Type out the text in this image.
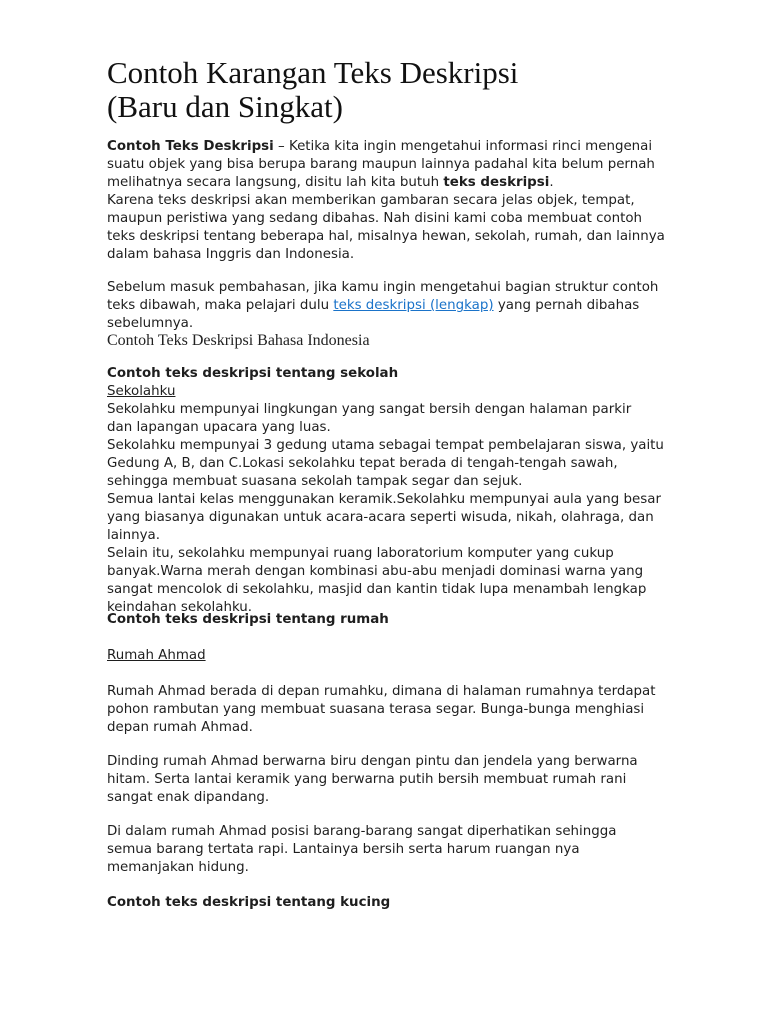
Contoh Karangan Teks Deskripsi
(Baru dan Singkat)

Contoh Teks Deskripsi – Ketika kita ingin mengetahui informasi rinci mengenai
suatu objek yang bisa berupa barang maupun lainnya padahal kita belum pernah
melihatnya secara langsung, disitu lah kita butuh teks deskripsi.
Karena teks deskripsi akan memberikan gambaran secara jelas objek, tempat,
maupun peristiwa yang sedang dibahas. Nah disini kami coba membuat contoh
teks deskripsi tentang beberapa hal, misalnya hewan, sekolah, rumah, dan lainnya
dalam bahasa Inggris dan Indonesia.

Sebelum masuk pembahasan, jika kamu ingin mengetahui bagian struktur contoh
teks dibawah, maka pelajari dulu teks deskripsi (lengkap) yang pernah dibahas
sebelumnya.

Contoh Teks Deskripsi Bahasa Indonesia
Contoh teks deskripsi tentang sekolah
Sekolahku
Sekolahku mempunyai lingkungan yang sangat bersih dengan halaman parkir
dan lapangan upacara yang luas.
Sekolahku mempunyai 3 gedung utama sebagai tempat pembelajaran siswa, yaitu
Gedung A, B, dan C.Lokasi sekolahku tepat berada di tengah-tengah sawah,
sehingga membuat suasana sekolah tampak segar dan sejuk.
Semua lantai kelas menggunakan keramik.Sekolahku mempunyai aula yang besar
yang biasanya digunakan untuk acara-acara seperti wisuda, nikah, olahraga, dan
lainnya.
Selain itu, sekolahku mempunyai ruang laboratorium komputer yang cukup
banyak.Warna merah dengan kombinasi abu-abu menjadi dominasi warna yang
sangat mencolok di sekolahku, masjid dan kantin tidak lupa menambah lengkap
keindahan sekolahku.

Contoh teks deskripsi tentang rumah

Rumah Ahmad

Rumah Ahmad berada di depan rumahku, dimana di halaman rumahnya terdapat
pohon rambutan yang membuat suasana terasa segar. Bunga-bunga menghiasi
depan rumah Ahmad.

Dinding rumah Ahmad berwarna biru dengan pintu dan jendela yang berwarna
hitam. Serta lantai keramik yang berwarna putih bersih membuat rumah rani
sangat enak dipandang.

Di dalam rumah Ahmad posisi barang-barang sangat diperhatikan sehingga
semua barang tertata rapi. Lantainya bersih serta harum ruangan nya
memanjakan hidung.

Contoh teks deskripsi tentang kucing
